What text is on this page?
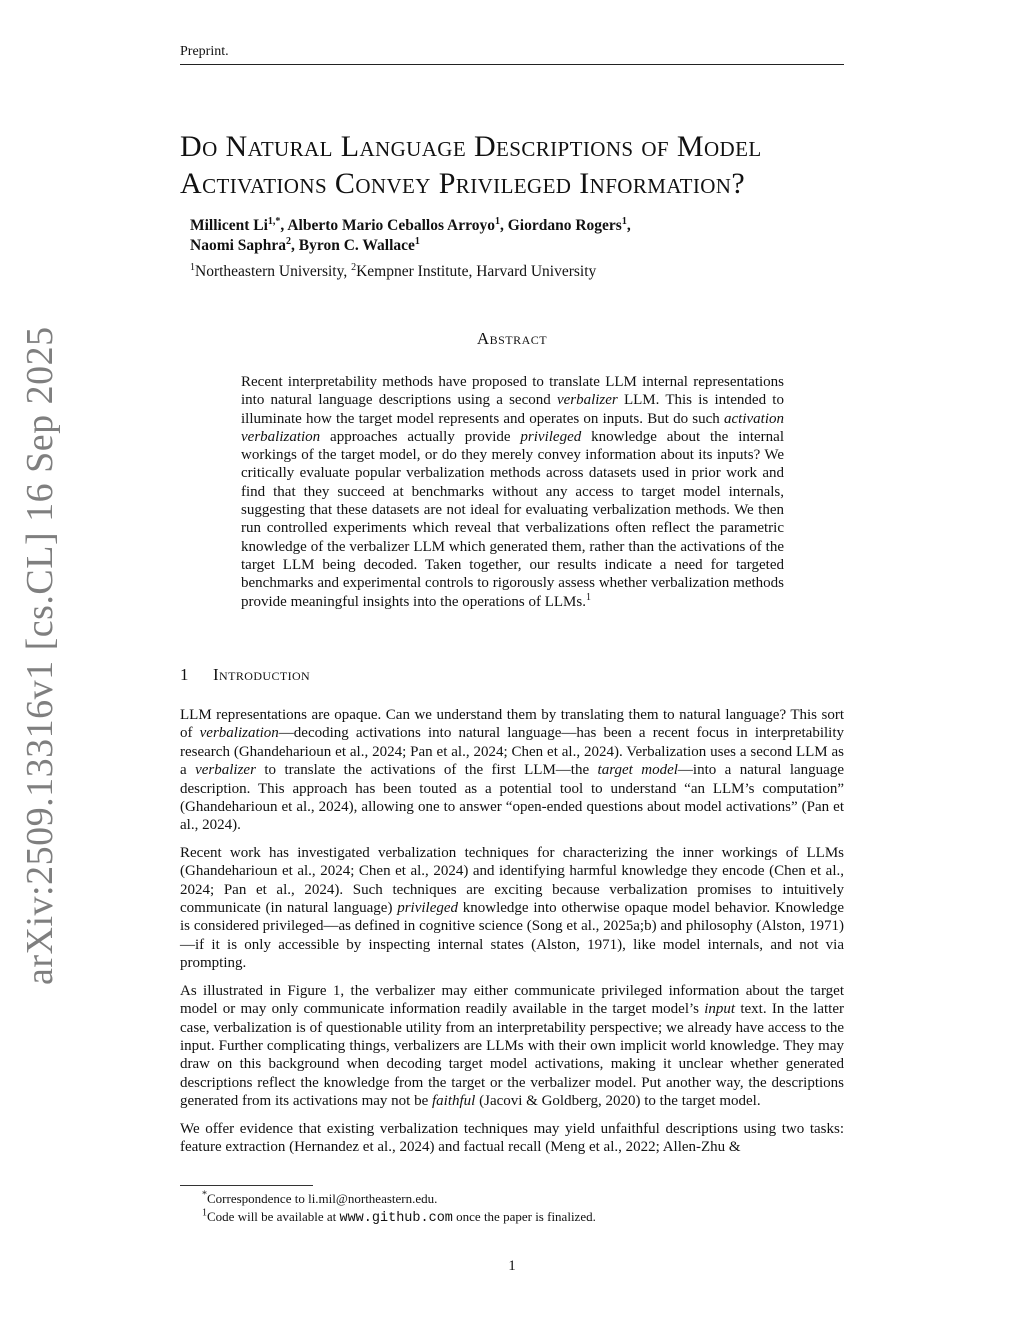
Preprint.
arXiv:2509.13316v1 [cs.CL] 16 Sep 2025
Do Natural Language Descriptions of Model
Activations Convey Privileged Information?
Millicent $Li^{1,*}$, Alberto Mario Ceballos Arroyo$^1$, Giordano Rogers$^1$,
Naomi Saphra$^2$, Byron C. Wallace$^1$
$^1$Northeastern University, $^2$Kempner Institute, Harvard University
Abstract
Recent interpretability methods have proposed to translate LLM internal representations into natural language descriptions using a second verbalizer LLM. This is intended to illuminate how the target model represents and operates on inputs. But do such activation verbalization approaches actually provide privileged knowledge about the internal workings of the target model, or do they merely convey information about its inputs? We critically evaluate popular verbalization methods across datasets used in prior work and find that they succeed at benchmarks without any access to target model internals, suggesting that these datasets are not ideal for evaluating verbalization methods. We then run controlled experiments which reveal that verbalizations often reflect the parametric knowledge of the verbalizer LLM which generated them, rather than the activations of the target LLM being decoded. Taken together, our results indicate a need for targeted benchmarks and experimental controls to rigorously assess whether verbalization methods provide meaningful insights into the operations of LLMs.$^1$
1 Introduction

LLM representations are opaque. Can we understand them by translating them to natural language? This sort of verbalization—decoding activations into natural language—has been a recent focus in interpretability research (Ghandeharioun et al., 2024; Pan et al., 2024; Chen et al., 2024). Verbalization uses a second LLM as a verbalizer to translate the activations of the first LLM—the target model—into a natural language description. This approach has been touted as a potential tool to understand “an LLM’s computation” (Ghandeharioun et al., 2024), allowing one to answer “open-ended questions about model activations” (Pan et al., 2024).

Recent work has investigated verbalization techniques for characterizing the inner workings of LLMs (Ghandeharioun et al., 2024; Chen et al., 2024) and identifying harmful knowledge they encode (Chen et al., 2024; Pan et al., 2024). Such techniques are exciting because verbalization promises to intuitively communicate (in natural language) privileged knowledge into otherwise opaque model behavior. Knowledge is considered privileged—as defined in cognitive science (Song et al., 2025a;b) and philosophy (Alston, 1971)—if it is only accessible by inspecting internal states (Alston, 1971), like model internals, and not via prompting.

As illustrated in Figure 1, the verbalizer may either communicate privileged information about the target model or may only communicate information readily available in the target model’s input text. In the latter case, verbalization is of questionable utility from an interpretability perspective; we already have access to the input. Further complicating things, verbalizers are LLMs with their own implicit world knowledge. They may draw on this background when decoding target model activations, making it unclear whether generated descriptions reflect the knowledge from the target or the verbalizer model. Put another way, the descriptions generated from its activations may not be faithful (Jacovi & Goldberg, 2020) to the target model.

We offer evidence that existing verbalization techniques may yield unfaithful descriptions using two tasks: feature extraction (Hernandez et al., 2024) and factual recall (Meng et al., 2022; Allen-Zhu &

*Correspondence to li.mil@northeastern.edu.
$^1$Code will be available at www.github.com once the paper is finalized.
1
